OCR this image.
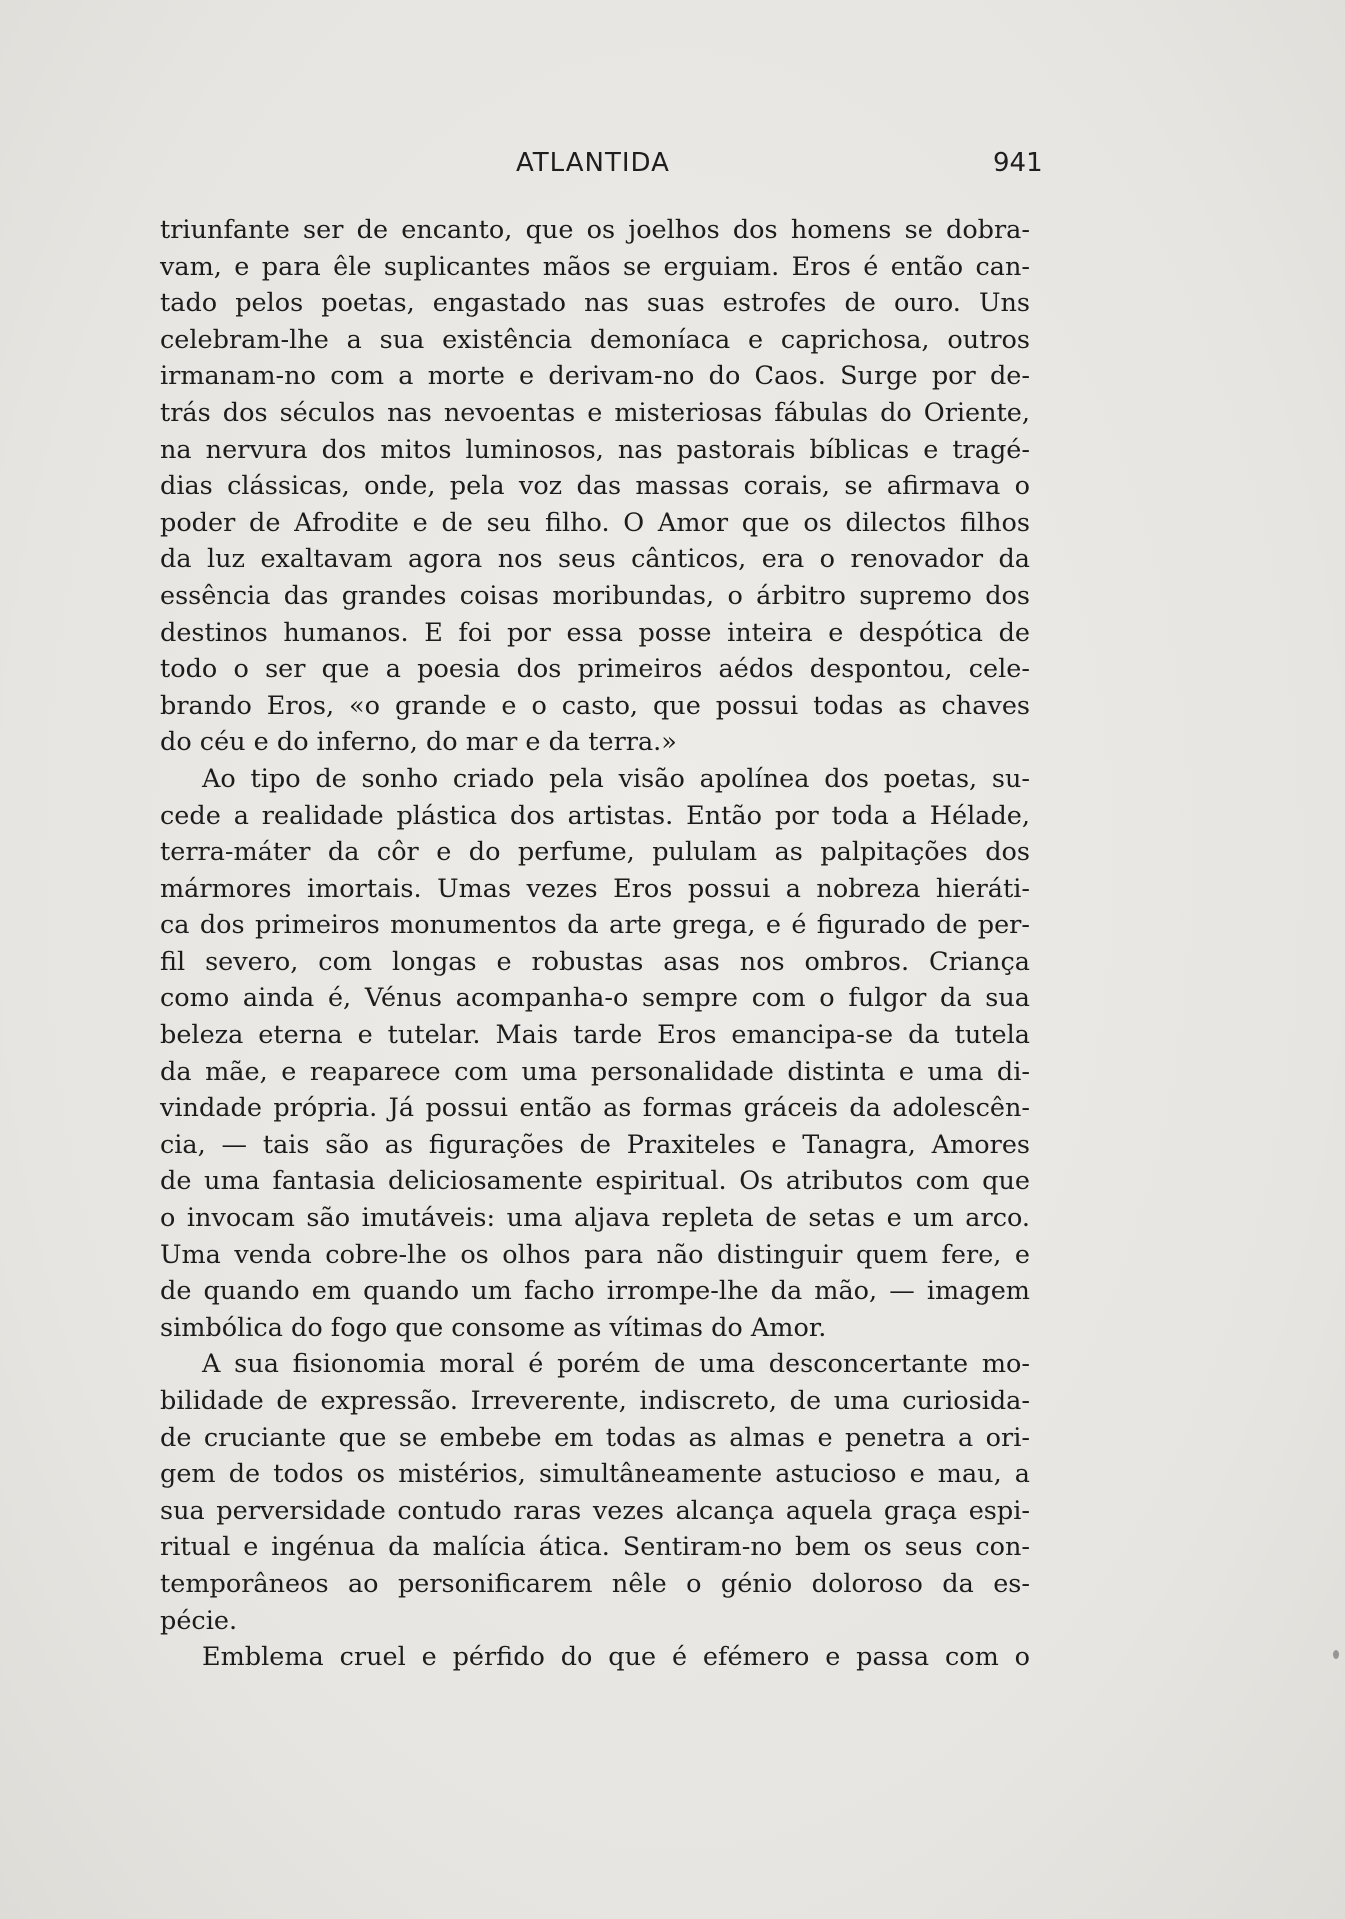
ATLANTIDA	941
triunfante ser de encanto, que os joelhos dos homens se dobra-
vam, e para êle suplicantes mãos se erguiam. Eros é então can-
tado pelos poetas, engastado nas suas estrofes de ouro. Uns
celebram-lhe a sua existência demoníaca e caprichosa, outros
irmanam-no com a morte e derivam-no do Caos. Surge por de-
trás dos séculos nas nevoentas e misteriosas fábulas do Oriente,
na nervura dos mitos luminosos, nas pastorais bíblicas e tragé-
dias clássicas, onde, pela voz das massas corais, se afirmava o
poder de Afrodite e de seu filho. O Amor que os dilectos filhos
da luz exaltavam agora nos seus cânticos, era o renovador da
essência das grandes coisas moribundas, o árbitro supremo dos
destinos humanos. E foi por essa posse inteira e despótica de
todo o ser que a poesia dos primeiros aédos despontou, cele-
brando Eros, «o grande e o casto, que possui todas as chaves
do céu e do inferno, do mar e da terra.»
Ao tipo de sonho criado pela visão apolínea dos poetas, su-
cede a realidade plástica dos artistas. Então por toda a Hélade,
terra-máter da côr e do perfume, pululam as palpitações dos
mármores imortais. Umas vezes Eros possui a nobreza hieráti-
ca dos primeiros monumentos da arte grega, e é figurado de per-
fil severo, com longas e robustas asas nos ombros. Criança
como ainda é, Vénus acompanha-o sempre com o fulgor da sua
beleza eterna e tutelar. Mais tarde Eros emancipa-se da tutela
da mãe, e reaparece com uma personalidade distinta e uma di-
vindade própria. Já possui então as formas gráceis da adolescên-
cia, — tais são as figurações de Praxiteles e Tanagra, Amores
de uma fantasia deliciosamente espiritual. Os atributos com que
o invocam são imutáveis: uma aljava repleta de setas e um arco.
Uma venda cobre-lhe os olhos para não distinguir quem fere, e
de quando em quando um facho irrompe-lhe da mão, — imagem
simbólica do fogo que consome as vítimas do Amor.
A sua fisionomia moral é porém de uma desconcertante mo-
bilidade de expressão. Irreverente, indiscreto, de uma curiosida-
de cruciante que se embebe em todas as almas e penetra a ori-
gem de todos os mistérios, simultâneamente astucioso e mau, a
sua perversidade contudo raras vezes alcança aquela graça espi-
ritual e ingénua da malícia ática. Sentiram-no bem os seus con-
temporâneos ao personificarem nêle o génio doloroso da es-
pécie.
Emblema cruel e pérfido do que é efémero e passa com o
